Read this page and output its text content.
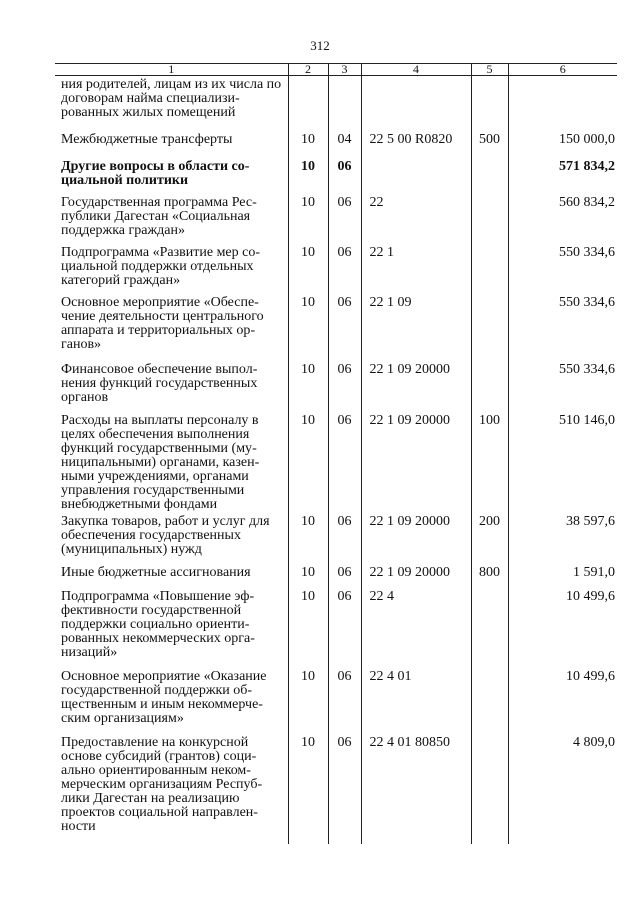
312
1	2	3	4	5	6
ния родителей, лицам из их числа по договорам найма специализированных жилых помещений					
Межбюджетные трансферты	10	04	22 5 00 R0820	500	150 000,0
Другие вопросы в области социальной политики	10	06			571 834,2
Государственная программа Республики Дагестан «Социальная поддержка граждан»	10	06	22		560 834,2
Подпрограмма «Развитие мер социальной поддержки отдельных категорий граждан»	10	06	22 1		550 334,6
Основное мероприятие «Обеспечение деятельности центрального аппарата и территориальных органов»	10	06	22 1 09		550 334,6
Финансовое обеспечение выполнения функций государственных органов	10	06	22 1 09 20000		550 334,6
Расходы на выплаты персоналу в целях обеспечения выполнения функций государственными (муниципальными) органами, казенными учреждениями, органами управления государственными внебюджетными фондами	10	06	22 1 09 20000	100	510 146,0
Закупка товаров, работ и услуг для обеспечения государственных (муниципальных) нужд	10	06	22 1 09 20000	200	38 597,6
Иные бюджетные ассигнования	10	06	22 1 09 20000	800	1 591,0
Подпрограмма «Повышение эффективности государственной поддержки социально ориентированных некоммерческих организаций»	10	06	22 4		10 499,6
Основное мероприятие «Оказание государственной поддержки общественным и иным некоммерческим организациям»	10	06	22 4 01		10 499,6
Предоставление на конкурсной основе субсидий (грантов) социально ориентированным некоммерческим организациям Республики Дагестан на реализацию проектов социальной направленности	10	06	22 4 01 80850		4 809,0
